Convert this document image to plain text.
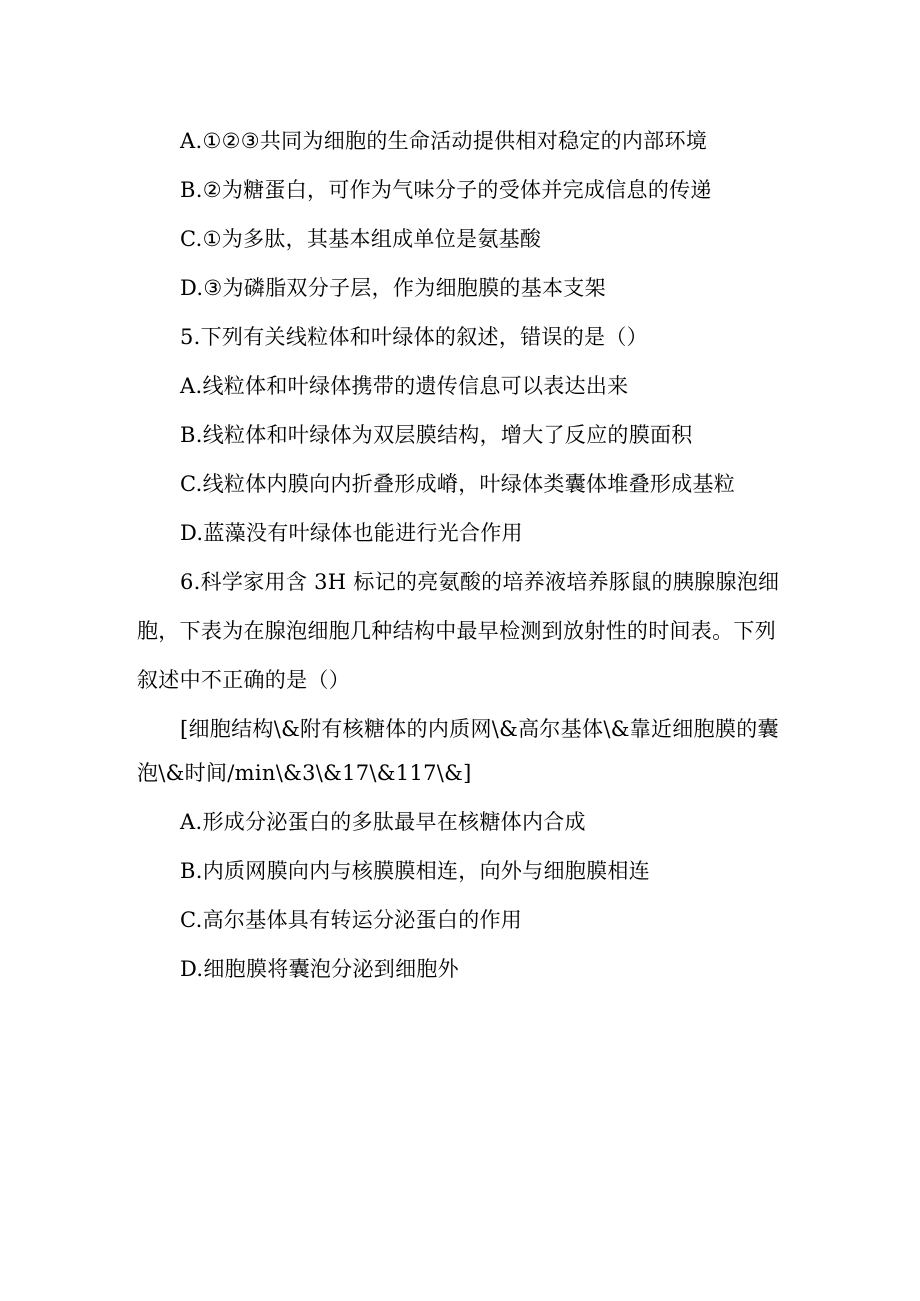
A.①②③共同为细胞的生命活动提供相对稳定的内部环境
B.②为糖蛋白，可作为气味分子的受体并完成信息的传递
C.①为多肽，其基本组成单位是氨基酸
D.③为磷脂双分子层，作为细胞膜的基本支架
5.下列有关线粒体和叶绿体的叙述，错误的是（）
A.线粒体和叶绿体携带的遗传信息可以表达出来
B.线粒体和叶绿体为双层膜结构，增大了反应的膜面积
C.线粒体内膜向内折叠形成嵴，叶绿体类囊体堆叠形成基粒
D.蓝藻没有叶绿体也能进行光合作用
6.科学家用含 3H 标记的亮氨酸的培养液培养豚鼠的胰腺腺泡细
胞，下表为在腺泡细胞几种结构中最早检测到放射性的时间表。下列
叙述中不正确的是（）
[细胞结构\&附有核糖体的内质网\&高尔基体\&靠近细胞膜的囊
泡\&时间/min\&3\&17\&117\&]
A.形成分泌蛋白的多肽最早在核糖体内合成
B.内质网膜向内与核膜膜相连，向外与细胞膜相连
C.高尔基体具有转运分泌蛋白的作用
D.细胞膜将囊泡分泌到细胞外
